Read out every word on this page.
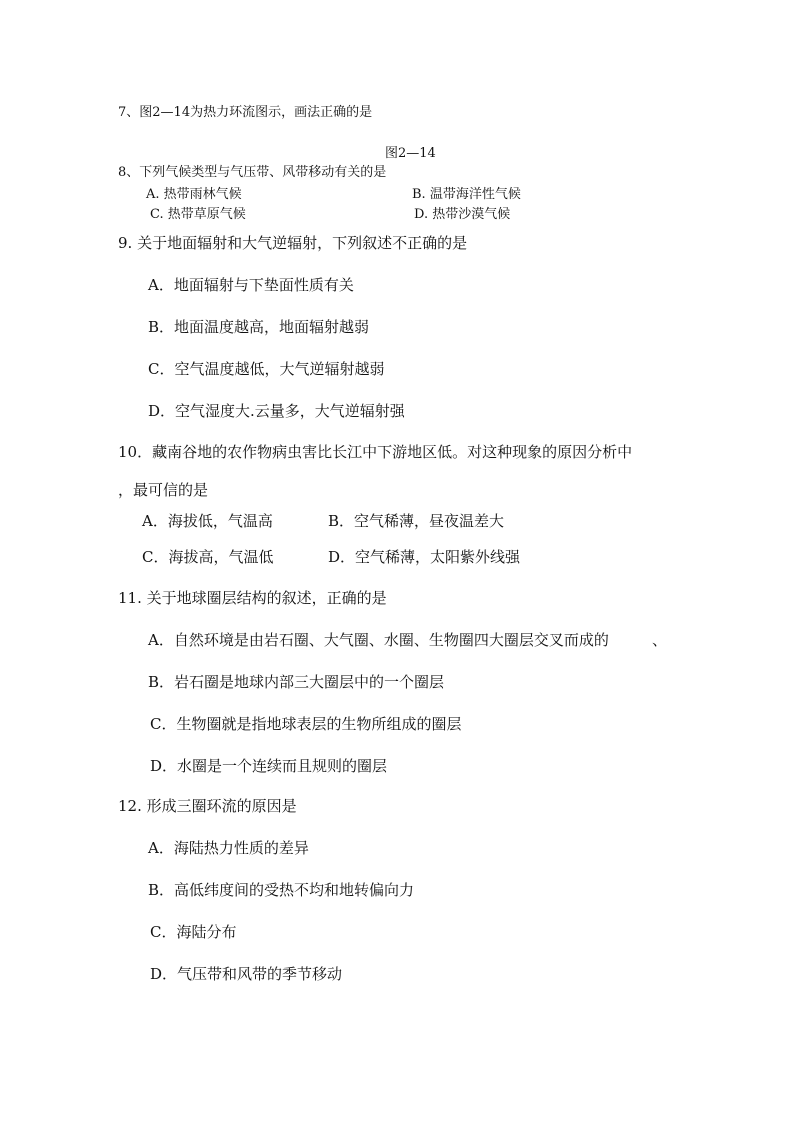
7、图2—14为热力环流图示，画法正确的是
图2—14
8、下列气候类型与气压带、风带移动有关的是
A. 热带雨林气候	B. 温带海洋性气候
C. 热带草原气候	D. 热带沙漠气候
9. 关于地面辐射和大气逆辐射，下列叙述不正确的是
A．地面辐射与下垫面性质有关
B．地面温度越高，地面辐射越弱
C．空气温度越低，大气逆辐射越弱
D．空气湿度大.云量多，大气逆辐射强
10．藏南谷地的农作物病虫害比长江中下游地区低。对这种现象的原因分析中
，最可信的是
A．海拔低，气温高	B．空气稀薄，昼夜温差大
C．海拔高，气温低	D．空气稀薄，太阳紫外线强
11. 关于地球圈层结构的叙述，正确的是
A．自然环境是由岩石圈、大气圈、水圈、生物圈四大圈层交叉而成的	、
B．岩石圈是地球内部三大圈层中的一个圈层
C．生物圈就是指地球表层的生物所组成的圈层
D．水圈是一个连续而且规则的圈层
12. 形成三圈环流的原因是
A．海陆热力性质的差异
B．高低纬度间的受热不均和地转偏向力
C．海陆分布
D．气压带和风带的季节移动
